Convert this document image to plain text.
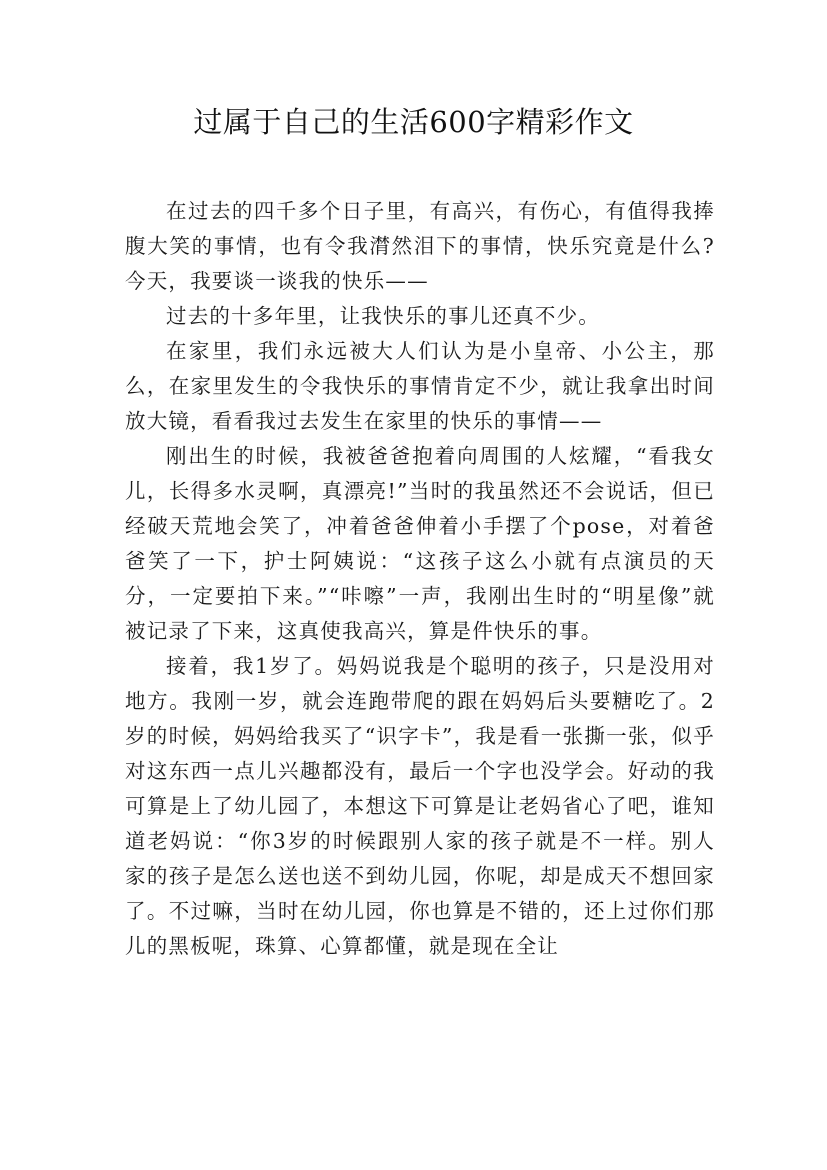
过属于自己的生活600字精彩作文

在过去的四千多个日子里，有高兴，有伤心，有值得我捧腹大笑的事情，也有令我潸然泪下的事情，快乐究竟是什么?今天，我要谈一谈我的快乐——

过去的十多年里，让我快乐的事儿还真不少。

在家里，我们永远被大人们认为是小皇帝、小公主，那么，在家里发生的令我快乐的事情肯定不少，就让我拿出时间放大镜，看看我过去发生在家里的快乐的事情——

刚出生的时候，我被爸爸抱着向周围的人炫耀，“看我女儿，长得多水灵啊，真漂亮!”当时的我虽然还不会说话，但已经破天荒地会笑了，冲着爸爸伸着小手摆了个pose，对着爸爸笑了一下，护士阿姨说：“这孩子这么小就有点演员的天分，一定要拍下来。”“咔嚓”一声，我刚出生时的“明星像”就被记录了下来，这真使我高兴，算是件快乐的事。

接着，我1岁了。妈妈说我是个聪明的孩子，只是没用对地方。我刚一岁，就会连跑带爬的跟在妈妈后头要糖吃了。2岁的时候，妈妈给我买了“识字卡”，我是看一张撕一张，似乎对这东西一点儿兴趣都没有，最后一个字也没学会。好动的我可算是上了幼儿园了，本想这下可算是让老妈省心了吧，谁知道老妈说：“你3岁的时候跟别人家的孩子就是不一样。别人家的孩子是怎么送也送不到幼儿园，你呢，却是成天不想回家了。不过嘛，当时在幼儿园，你也算是不错的，还上过你们那儿的黑板呢，珠算、心算都懂，就是现在全让
